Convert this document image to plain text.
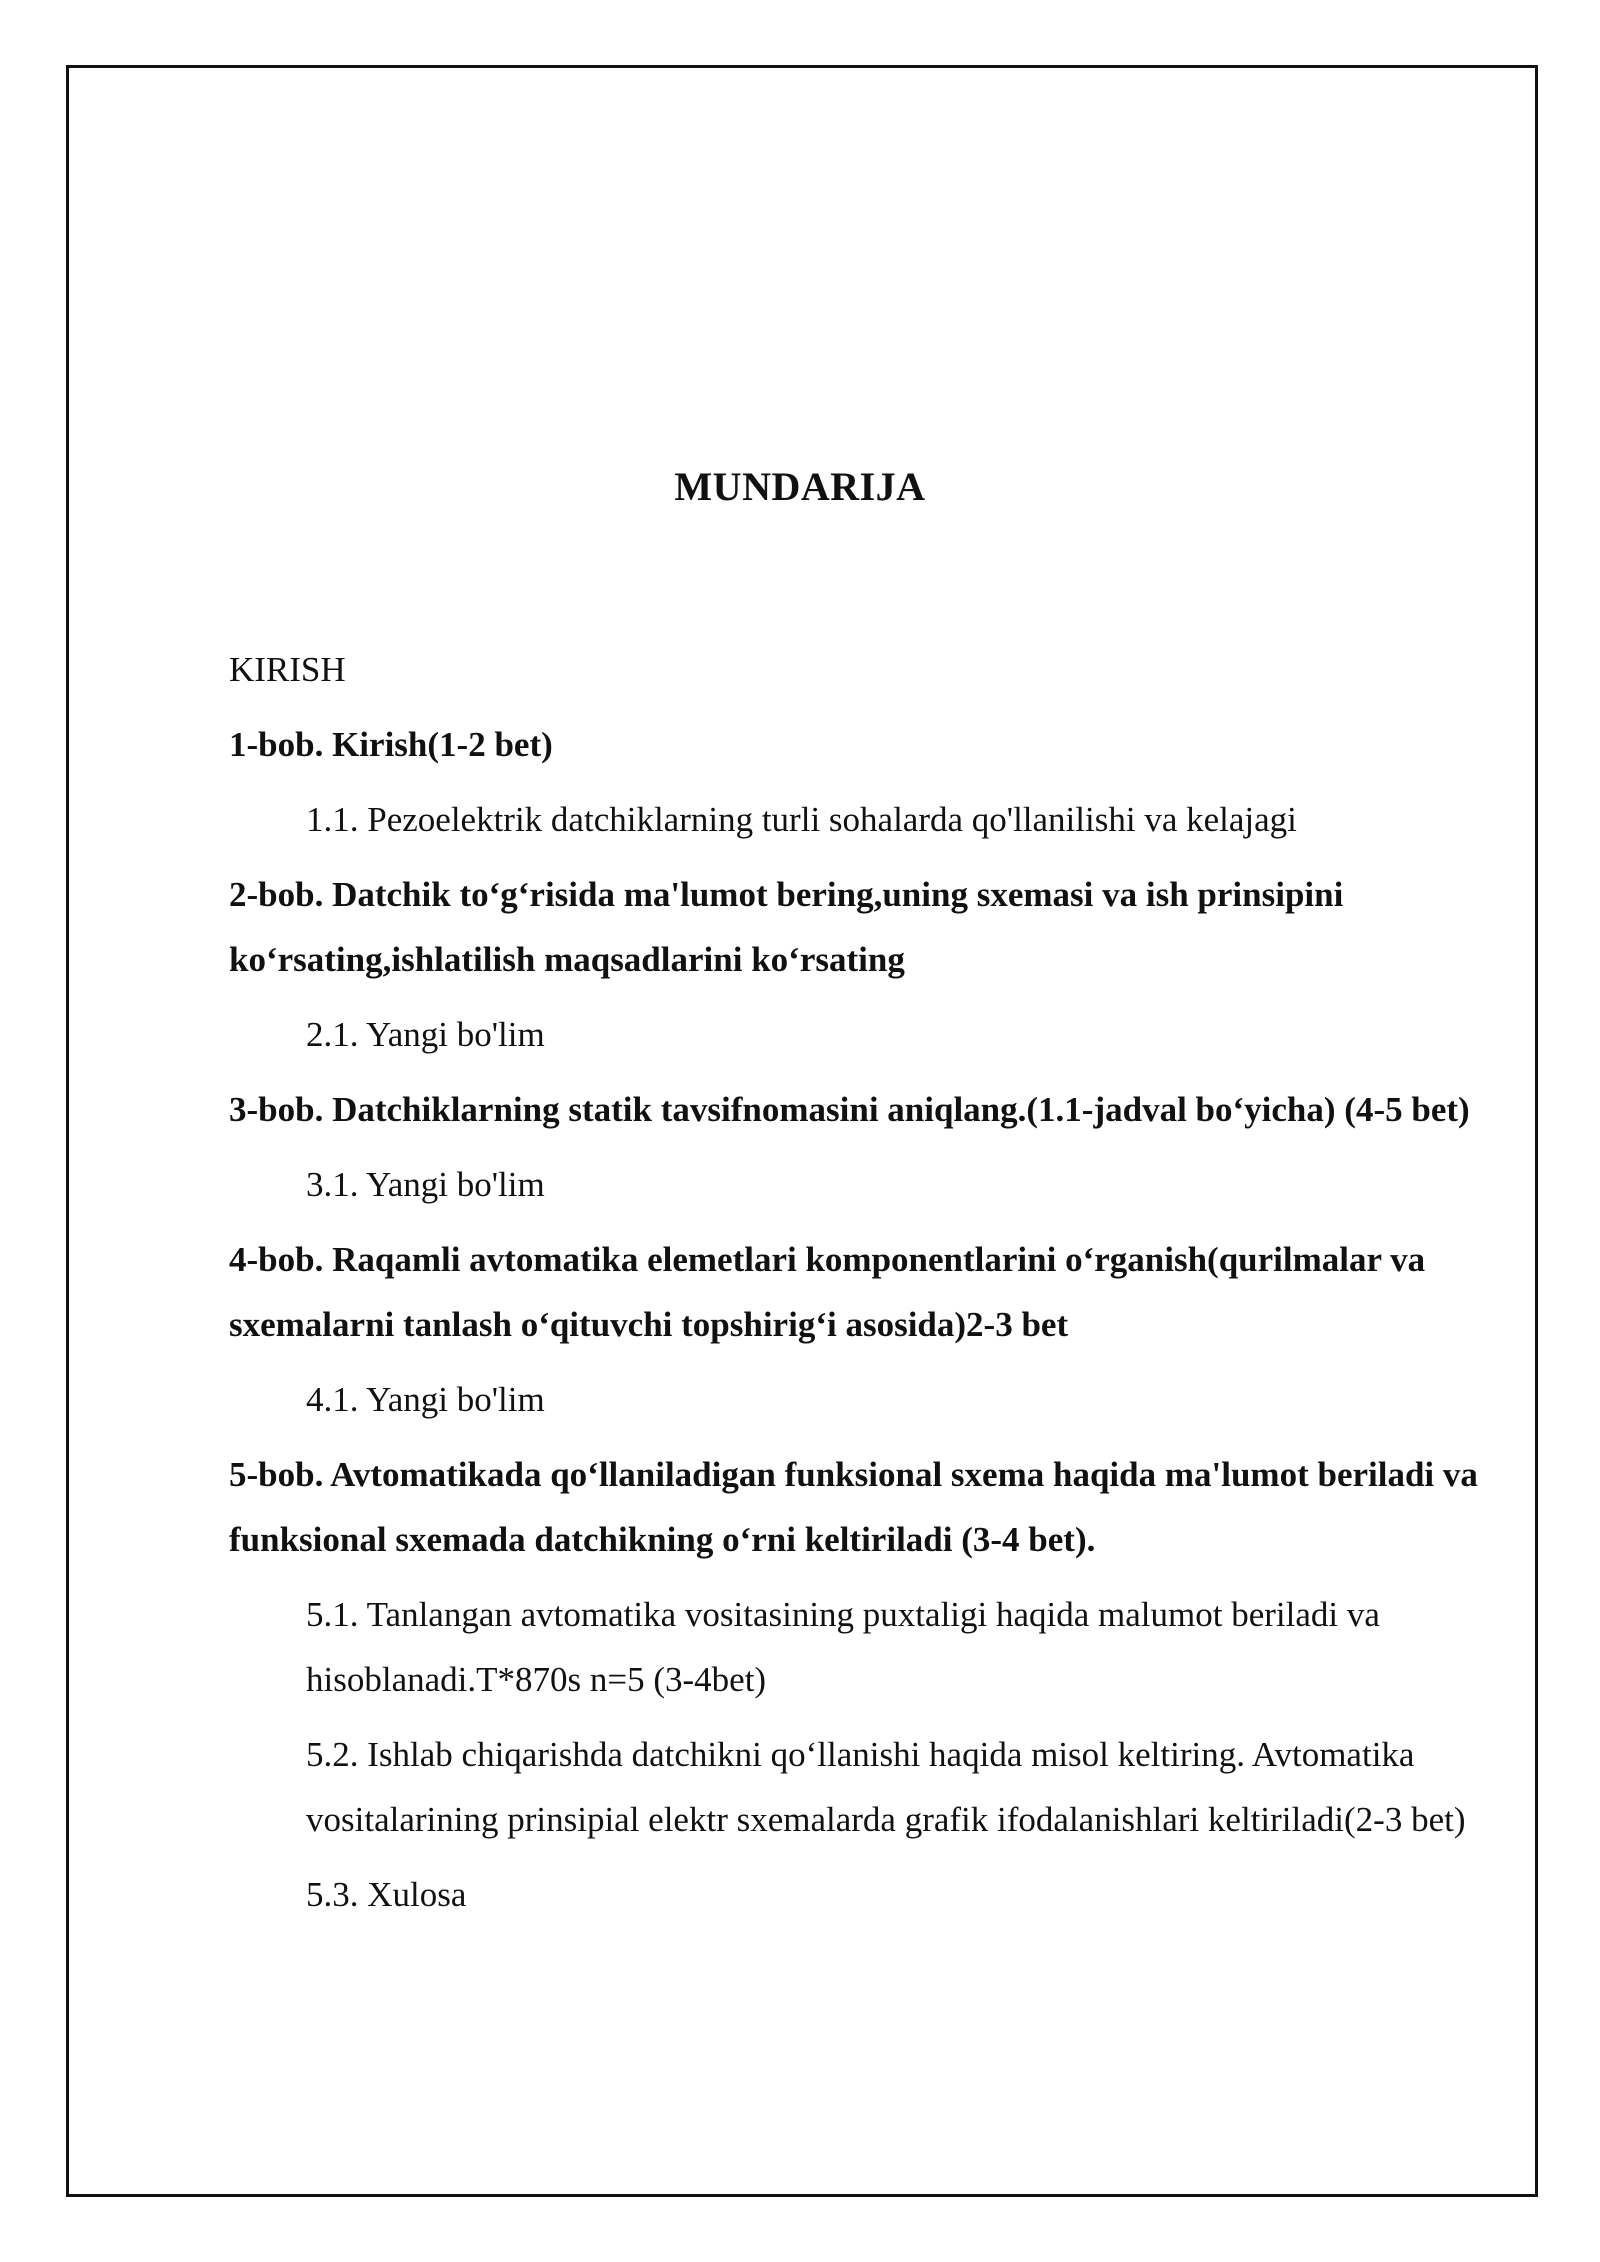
MUNDARIJA
KIRISH
1-bob. Kirish(1-2 bet)
1.1. Pezoelektrik datchiklarning turli sohalarda qo'llanilishi va kelajagi
2-bob. Datchik to‘g‘risida ma'lumot bering,uning sxemasi va ish prinsipini ko‘rsating,ishlatilish maqsadlarini ko‘rsating
2.1. Yangi bo'lim
3-bob. Datchiklarning statik tavsifnomasini aniqlang.(1.1-jadval bo‘yicha) (4-5 bet)
3.1. Yangi bo'lim
4-bob. Raqamli avtomatika elemetlari komponentlarini o‘rganish(qurilmalar va sxemalarni tanlash o‘qituvchi topshirig‘i asosida)2-3 bet
4.1. Yangi bo'lim
5-bob. Avtomatikada qo‘llaniladigan funksional sxema haqida ma'lumot beriladi va funksional sxemada datchikning o‘rni keltiriladi (3-4 bet).
5.1. Tanlangan avtomatika vositasining puxtaligi haqida malumot beriladi va hisoblanadi.T*870s n=5 (3-4bet)
5.2. Ishlab chiqarishda datchikni qo‘llanishi haqida misol keltiring. Avtomatika vositalarining prinsipial elektr sxemalarda grafik ifodalanishlari keltiriladi(2-3 bet)
5.3. Xulosa
